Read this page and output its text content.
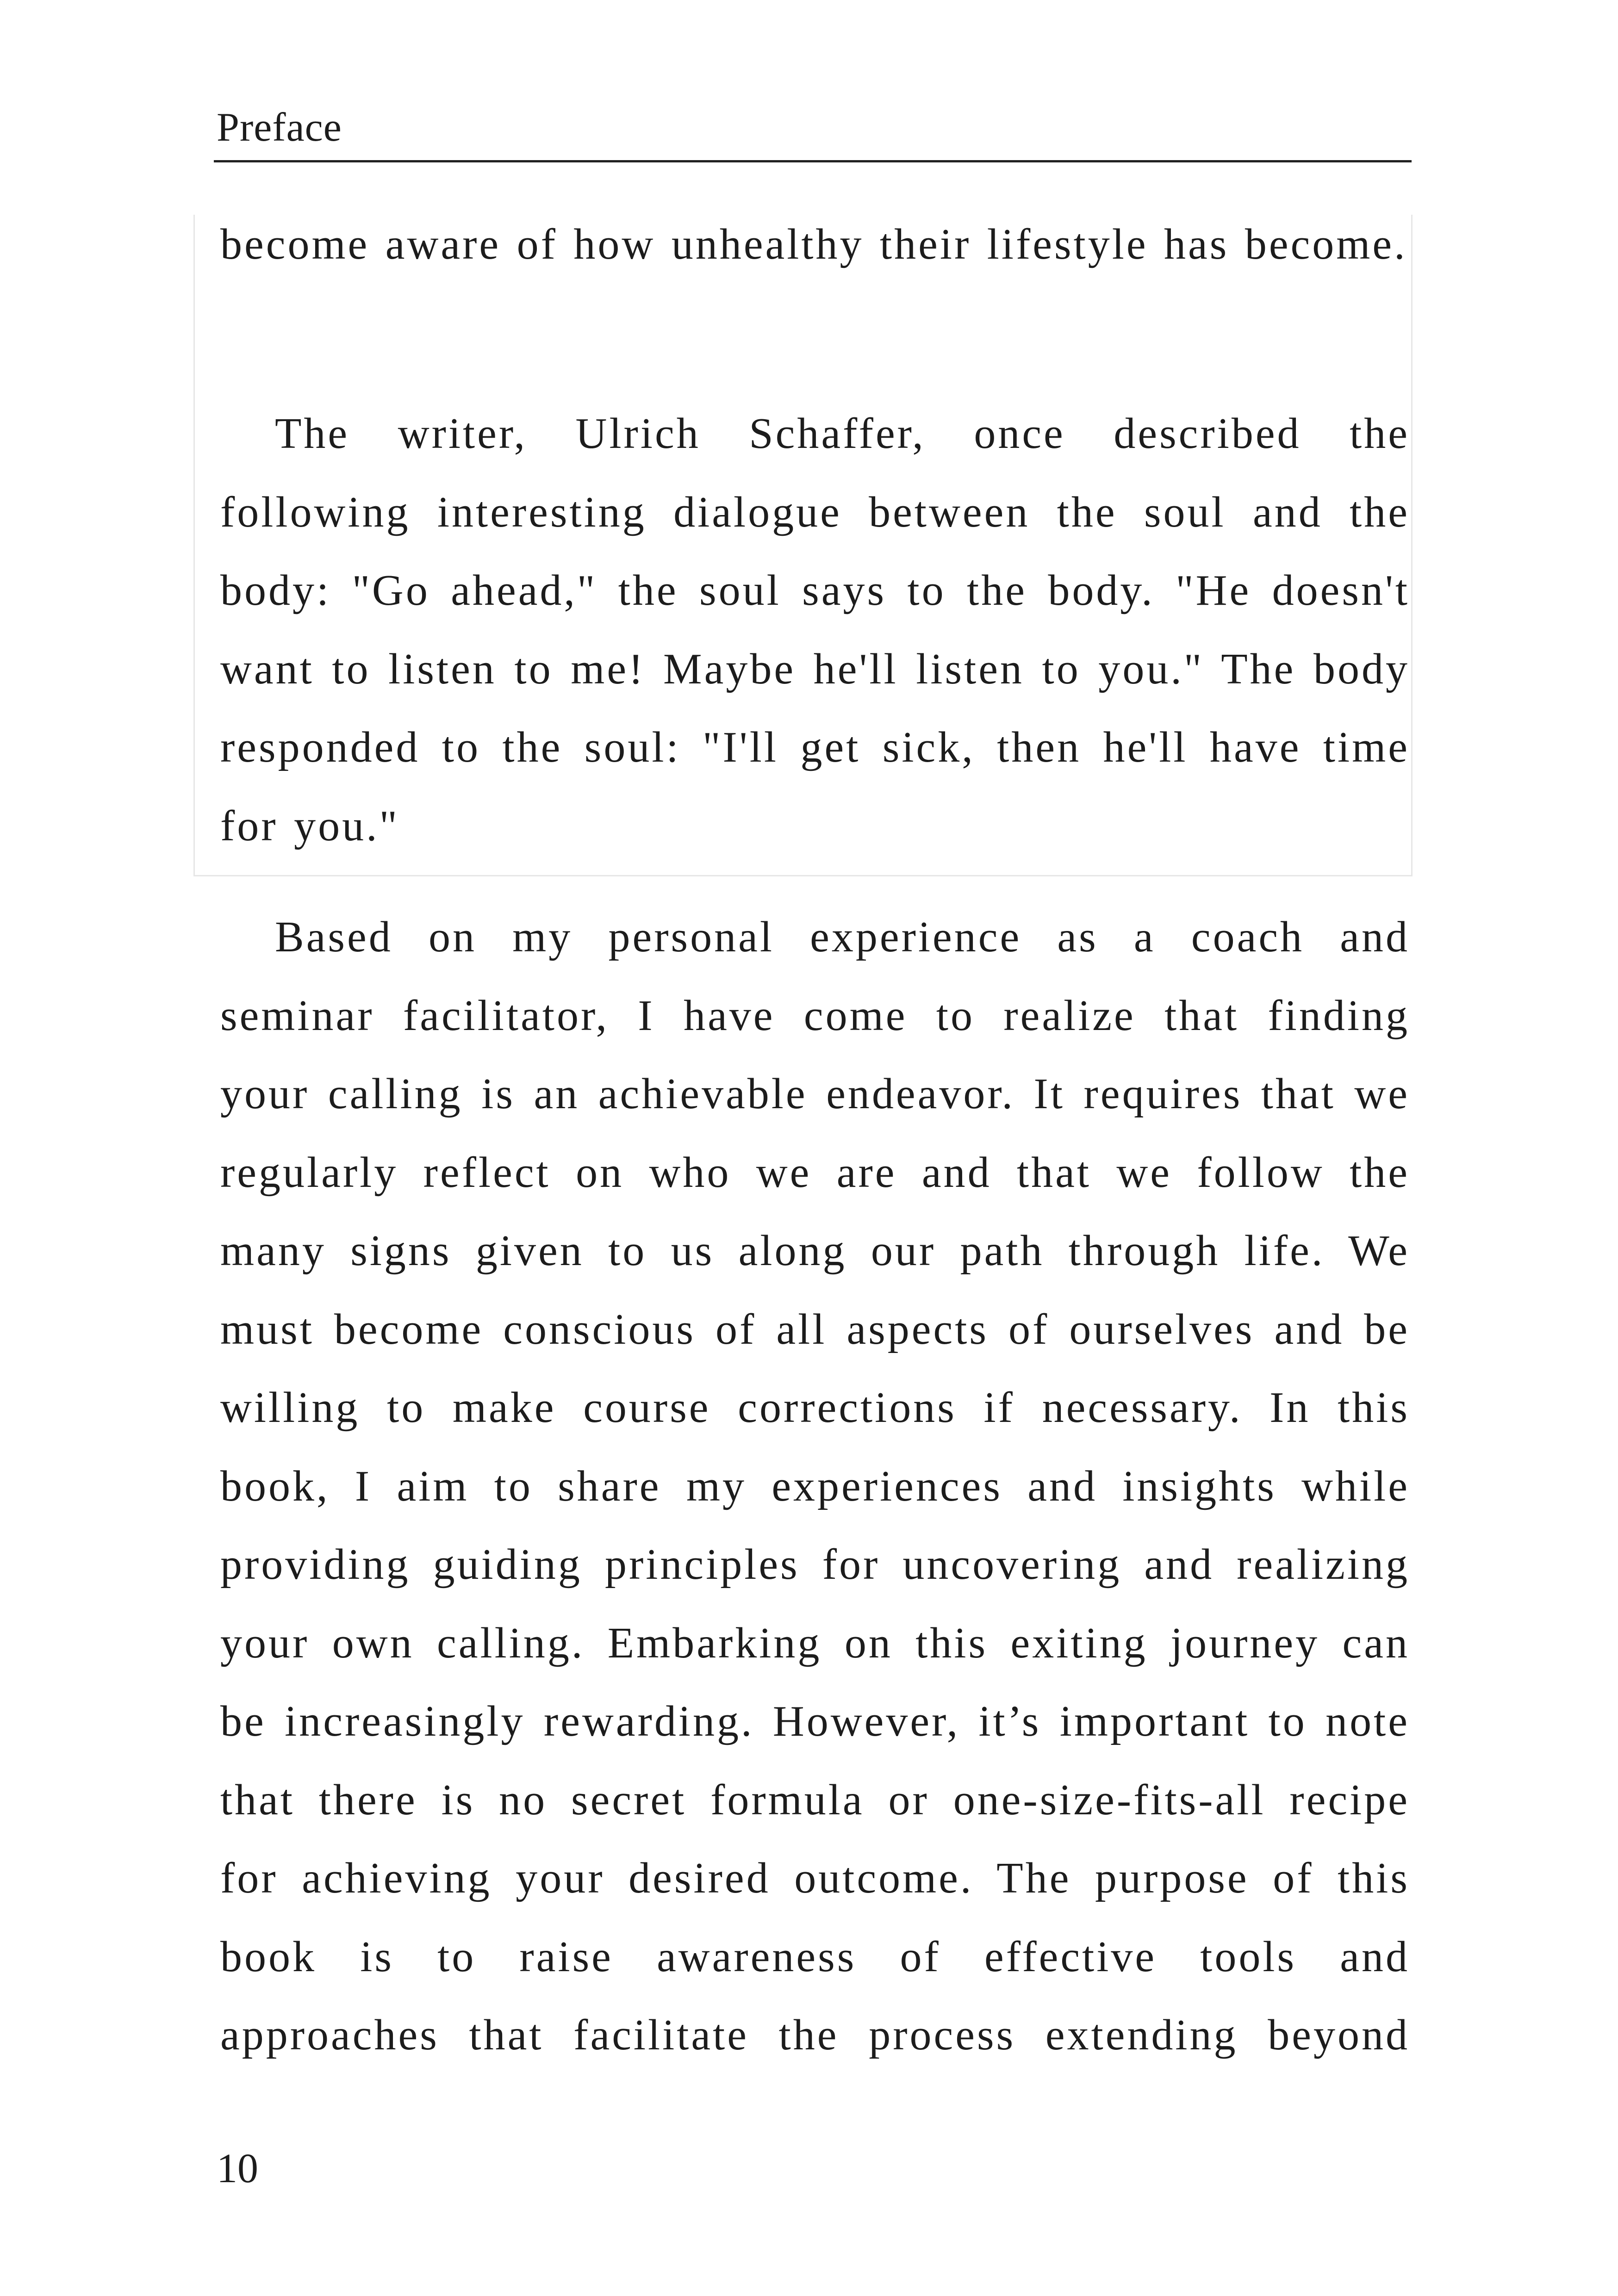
Preface

become aware of how unhealthy their lifestyle has become.

The writer, Ulrich Schaffer, once described the following interesting dialogue between the soul and the body: "Go ahead," the soul says to the body. "He doesn't want to listen to me! Maybe he'll listen to you." The body responded to the soul: "I'll get sick, then he'll have time for you."

Based on my personal experience as a coach and seminar facilitator, I have come to realize that finding your calling is an achievable endeavor. It requires that we regularly reflect on who we are and that we follow the many signs given to us along our path through life. We must become conscious of all aspects of ourselves and be willing to make course corrections if necessary. In this book, I aim to share my experiences and insights while providing guiding principles for uncovering and realizing your own calling. Embarking on this exiting journey can be increasingly rewarding. However, it’s important to note that there is no secret formula or one-size-fits-all recipe for achieving your desired outcome. The purpose of this book is to raise awareness of effective tools and approaches that facilitate the process extending beyond

10
